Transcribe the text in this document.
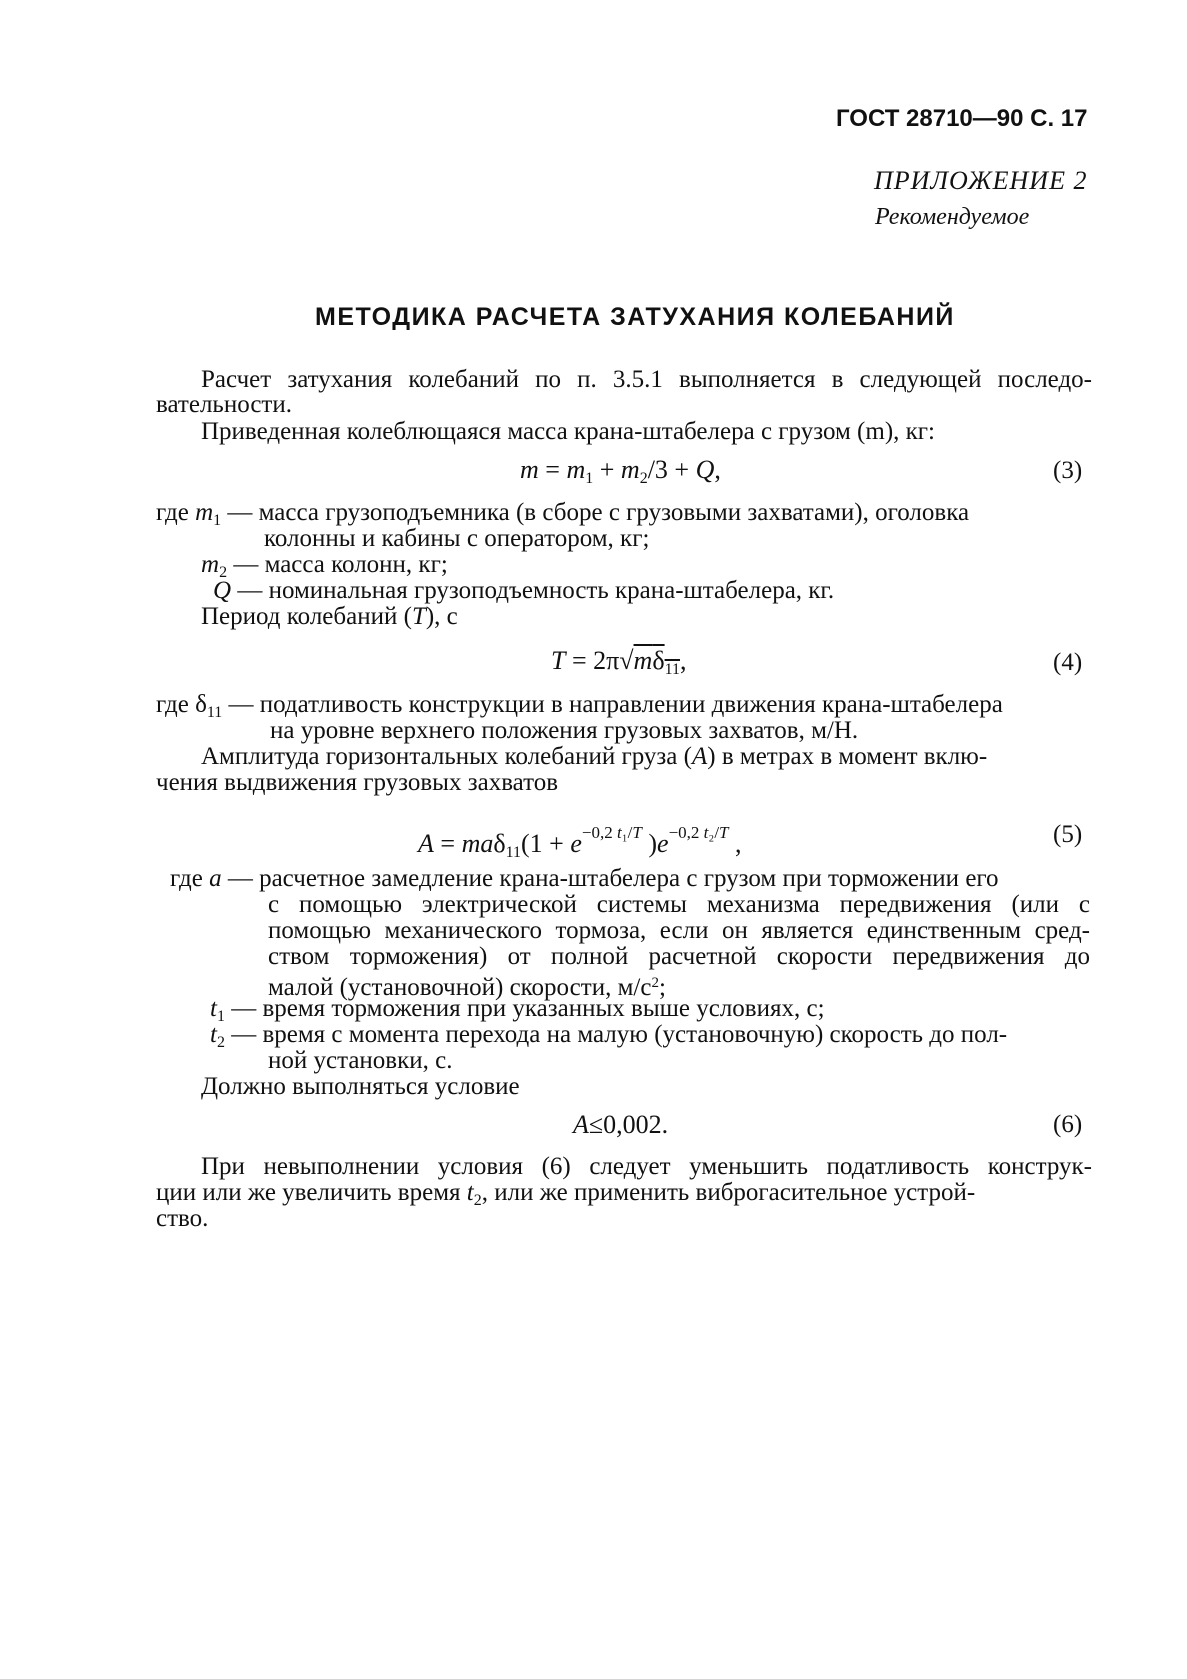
ГОСТ 28710—90 С. 17
ПРИЛОЖЕНИЕ 2
Рекомендуемое
МЕТОДИКА РАСЧЕТА ЗАТУХАНИЯ КОЛЕБАНИЙ
Расчет затухания колебаний по п. 3.5.1 выполняется в следующей последо-
вательности.
Приведенная колеблющаяся масса крана-штабелера с грузом (m), кг:
$m = m_1 + m_2/3 + Q$,	(3)
где $m_1$ — масса грузоподъемника (в сборе с грузовыми захватами), оголовка
колонны и кабины с оператором, кг;
$m_2$ — масса колонн, кг;
Q — номинальная грузоподъемность крана-штабелера, кг.
Период колебаний (T), с
$T = 2\pi√m\delta_{11}$,	(4)
где $\delta_{11}$ — податливость конструкции в направлении движения крана-штабелера
на уровне верхнего положения грузовых захватов, м/Н.
Амплитуда горизонтальных колебаний груза (A) в метрах в момент вклю-
чения выдвижения грузовых захватов
$A = ma\delta_{11}(1 + e^{-0,2 t_1/T}$ )$e^{-0,2 t_2/T}$ ,	(5)
где a — расчетное замедление крана-штабелера с грузом при торможении его
с помощью электрической системы механизма передвижения (или с
помощью механического тормоза, если он является единственным сред-
ством торможения) от полной расчетной скорости передвижения до
малой (установочной) скорости, $м/с^2$;
$t_1$ — время торможения при указанных выше условиях, с;
$t_2$ — время с момента перехода на малую (установочную) скорость до пол-
ной установки, с.
Должно выполняться условие
A≤0,002.	(6)
При невыполнении условия (6) следует уменьшить податливость конструк-
ции или же увеличить время $t_2$, или же применить виброгасительное устрой-
ство.
